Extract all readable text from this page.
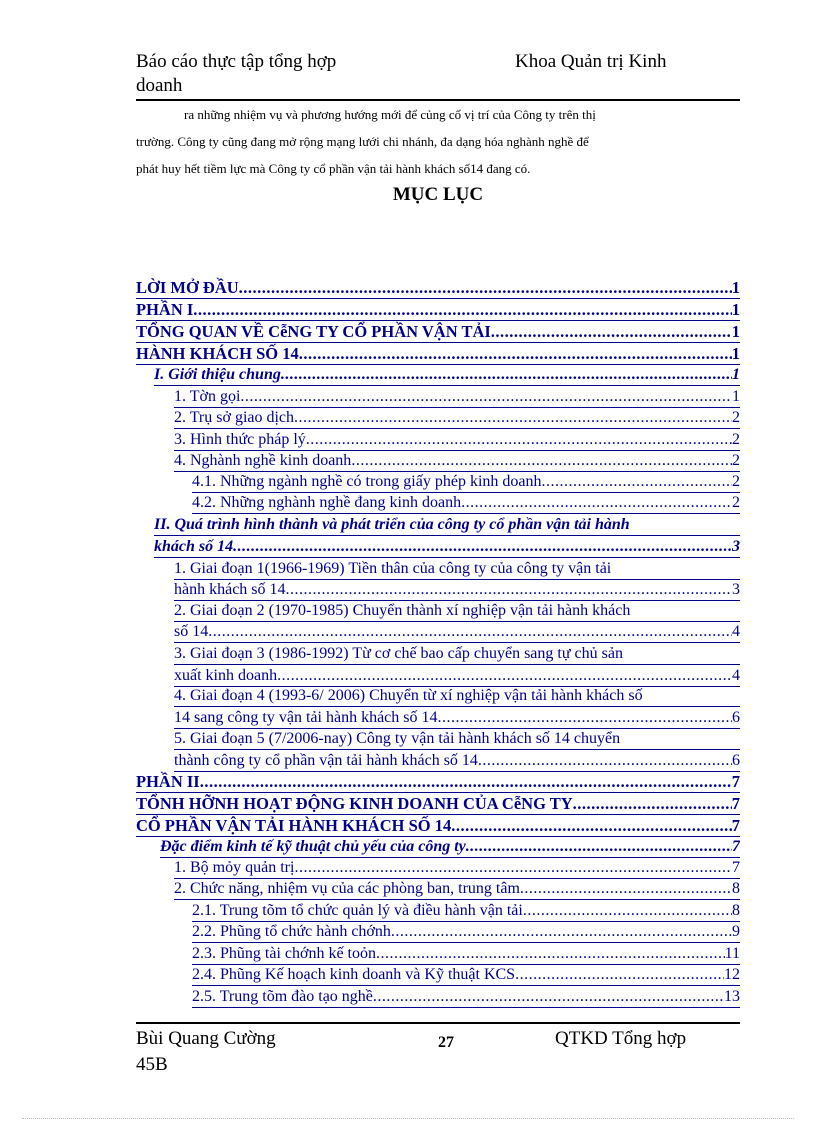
Báo cáo thực tập tổng hợp
doanh
Khoa Quản trị Kinh

ra những nhiệm vụ và phương hướng mới để củng cố vị trí của Công ty trên thị

trường. Công ty cũng đang mở rộng mạng lưới chi nhánh, đa dạng hóa nghành nghề để

phát huy hết tiềm lực mà Công ty cổ phần vận tải hành khách số14 đang có.

MỤC LỤC
LỜI MỞ ĐẦU .....	1
PHẦN I .....	1
TỔNG QUAN VỀ CễNG TY CỔ PHẦN VẬN TẢI .....	1
HÀNH KHÁCH SỐ 14 .....	1
I. Giới thiệu chung .....	1
1. Tờn gọi .....	1
2. Trụ sở giao dịch .....	2
3. Hình thức pháp lý .....	2
4. Nghành nghề kinh doanh .....	2
4.1. Những ngành nghề có trong giấy phép kinh doanh .....	2
4.2. Những nghành nghề đang kinh doanh .....	2
II. Quá trình hình thành và phát triển của công ty cổ phần vận tải hành
khách số 14 .....	3
1. Giai đoạn 1(1966-1969) Tiền thân của công ty của công ty vận tải
hành khách số 14 .....	3
2. Giai đoạn 2 (1970-1985) Chuyển thành xí nghiệp vận tải hành khách
số 14 .....	4
3. Giai đoạn 3 (1986-1992) Từ cơ chế bao cấp chuyển sang tự chủ sản
xuất kinh doanh .....	4
4. Giai đoạn 4 (1993-6/ 2006) Chuyển từ xí nghiệp vận tải hành khách số
14 sang công ty vận tải hành khách số 14 .....	6
5. Giai đoạn 5 (7/2006-nay) Công ty vận tải hành khách số 14 chuyển
thành công ty cổ phần vận tải hành khách số 14 .....	6
PHẦN II .....	7
TỔNH HỠNH HOẠT ĐỘNG KINH DOANH CỦA CễNG TY .....	7
CỔ PHẦN VẬN TẢI HÀNH KHÁCH SỐ 14 .....	7
Đặc điểm kinh tế kỹ thuật chủ yếu của công ty .....	7
1. Bộ mỏy quản trị .....	7
2. Chức năng, nhiệm vụ của các phòng ban, trung tâm .....	8
2.1. Trung tõm tổ chức quản lý và điều hành vận tải .....	8
2.2. Phũng tổ chức hành chớnh .....	9
2.3. Phũng tài chớnh kế toỏn .....	11
2.4. Phũng Kế hoạch kinh doanh và Kỹ thuật KCS .....	12
2.5. Trung tõm đào tạo nghề .....	13
Bùi Quang Cường
45B
27	QTKD Tổng hợp
